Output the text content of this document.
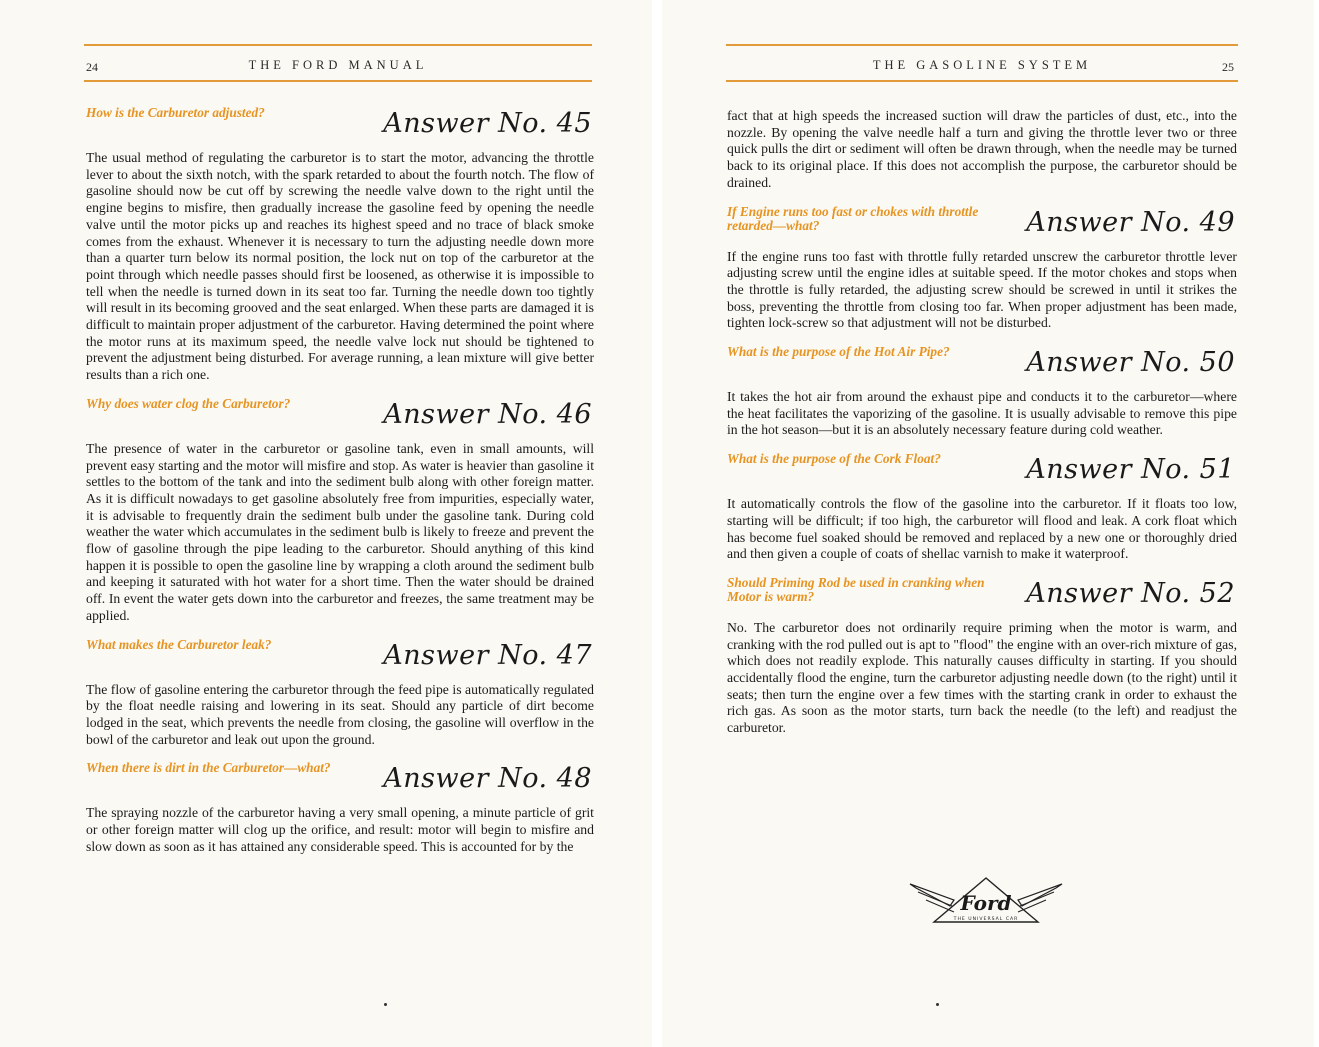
24	THE FORD MANUAL
How is the Carburetor adjusted?	Answer No. 45

The usual method of regulating the carburetor is to start the motor, advancing the throttle lever to about the sixth notch, with the spark retarded to about the fourth notch. The flow of gasoline should now be cut off by screwing the needle valve down to the right until the engine begins to misfire, then gradually increase the gasoline feed by opening the needle valve until the motor picks up and reaches its highest speed and no trace of black smoke comes from the exhaust. Whenever it is necessary to turn the adjusting needle down more than a quarter turn below its normal position, the lock nut on top of the carburetor at the point through which needle passes should first be loosened, as otherwise it is impossible to tell when the needle is turned down in its seat too far. Turning the needle down too tightly will result in its becoming grooved and the seat enlarged. When these parts are damaged it is difficult to maintain proper adjustment of the carburetor. Having determined the point where the motor runs at its maximum speed, the needle valve lock nut should be tightened to prevent the adjustment being disturbed. For average running, a lean mixture will give better results than a rich one.

Why does water clog the Carburetor?	Answer No. 46

The presence of water in the carburetor or gasoline tank, even in small amounts, will prevent easy starting and the motor will misfire and stop. As water is heavier than gasoline it settles to the bottom of the tank and into the sediment bulb along with other foreign matter. As it is difficult nowadays to get gasoline absolutely free from impurities, especially water, it is advisable to frequently drain the sediment bulb under the gasoline tank. During cold weather the water which accumulates in the sediment bulb is likely to freeze and prevent the flow of gasoline through the pipe leading to the carburetor. Should anything of this kind happen it is possible to open the gasoline line by wrapping a cloth around the sediment bulb and keeping it saturated with hot water for a short time. Then the water should be drained off. In event the water gets down into the carburetor and freezes, the same treatment may be applied.

What makes the Carburetor leak?	Answer No. 47

The flow of gasoline entering the carburetor through the feed pipe is automatically regulated by the float needle raising and lowering in its seat. Should any particle of dirt become lodged in the seat, which prevents the needle from closing, the gasoline will overflow in the bowl of the carburetor and leak out upon the ground.

When there is dirt in the Carburetor—what?	Answer No. 48

The spraying nozzle of the carburetor having a very small opening, a minute particle of grit or other foreign matter will clog up the orifice, and result: motor will begin to misfire and slow down as soon as it has attained any considerable speed. This is accounted for by the

THE GASOLINE SYSTEM	25

fact that at high speeds the increased suction will draw the particles of dust, etc., into the nozzle. By opening the valve needle half a turn and giving the throttle lever two or three quick pulls the dirt or sediment will often be drawn through, when the needle may be turned back to its original place. If this does not accomplish the purpose, the carburetor should be drained.

If Engine runs too fast or chokes with throttle retarded—what?	Answer No. 49

If the engine runs too fast with throttle fully retarded unscrew the carburetor throttle lever adjusting screw until the engine idles at suitable speed. If the motor chokes and stops when the throttle is fully retarded, the adjusting screw should be screwed in until it strikes the boss, preventing the throttle from closing too far. When proper adjustment has been made, tighten lock-screw so that adjustment will not be disturbed.

What is the purpose of the Hot Air Pipe?	Answer No. 50

It takes the hot air from around the exhaust pipe and conducts it to the carburetor—where the heat facilitates the vaporizing of the gasoline. It is usually advisable to remove this pipe in the hot season—but it is an absolutely necessary feature during cold weather.

What is the purpose of the Cork Float?	Answer No. 51

It automatically controls the flow of the gasoline into the carburetor. If it floats too low, starting will be difficult; if too high, the carburetor will flood and leak. A cork float which has become fuel soaked should be removed and replaced by a new one or thoroughly dried and then given a couple of coats of shellac varnish to make it waterproof.

Should Priming Rod be used in cranking when Motor is warm?	Answer No. 52

No. The carburetor does not ordinarily require priming when the motor is warm, and cranking with the rod pulled out is apt to "flood" the engine with an over-rich mixture of gas, which does not readily explode. This naturally causes difficulty in starting. If you should accidentally flood the engine, turn the carburetor adjusting needle down (to the right) until it seats; then turn the engine over a few times with the starting crank in order to exhaust the rich gas. As soon as the motor starts, turn back the needle (to the left) and readjust the carburetor.

Ford
THE UNIVERSAL CAR
